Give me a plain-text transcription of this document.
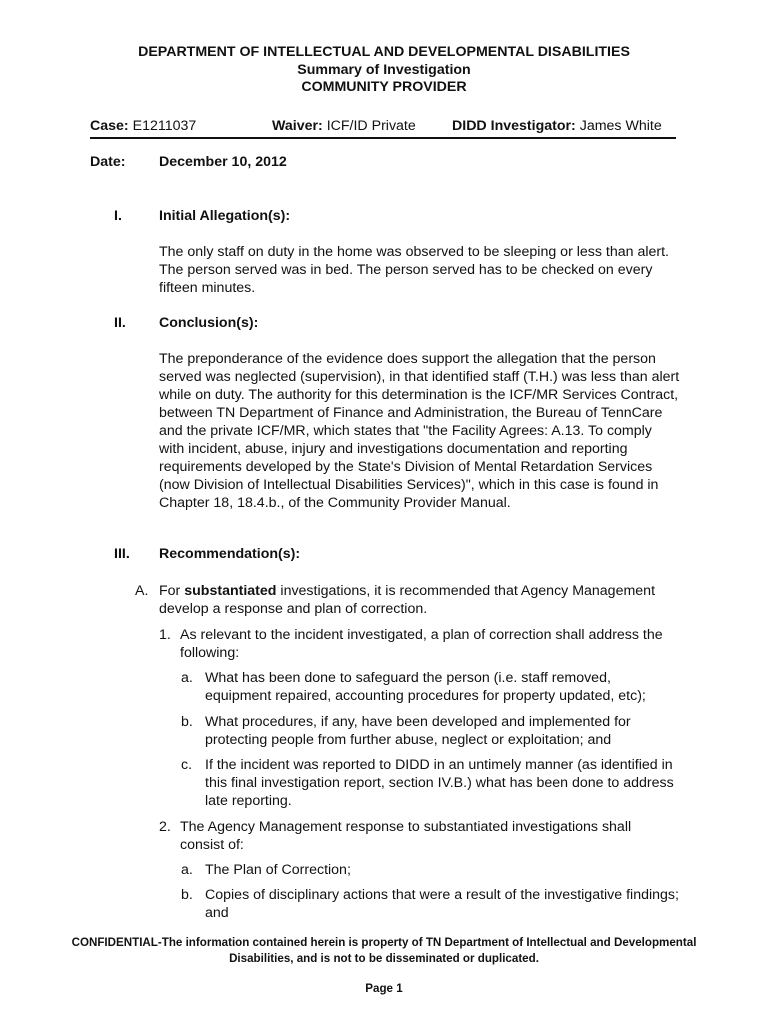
DEPARTMENT OF INTELLECTUAL AND DEVELOPMENTAL DISABILITIES
Summary of Investigation
COMMUNITY PROVIDER
Case: E1211037	Waiver: ICF/ID Private	DIDD Investigator: James White
Date: December 10, 2012
I.	Initial Allegation(s):

The only staff on duty in the home was observed to be sleeping or less than alert. The person served was in bed. The person served has to be checked on every fifteen minutes.

II. Conclusion(s):

The preponderance of the evidence does support the allegation that the person served was neglected (supervision), in that identified staff (T.H.) was less than alert while on duty. The authority for this determination is the ICF/MR Services Contract, between TN Department of Finance and Administration, the Bureau of TennCare and the private ICF/MR, which states that "the Facility Agrees: A.13. To comply with incident, abuse, injury and investigations documentation and reporting requirements developed by the State's Division of Mental Retardation Services (now Division of Intellectual Disabilities Services)", which in this case is found in Chapter 18, 18.4.b., of the Community Provider Manual.

III. Recommendation(s):
A. For substantiated investigations, it is recommended that Agency Management develop a response and plan of correction.
1. As relevant to the incident investigated, a plan of correction shall address the following:
a. What has been done to safeguard the person (i.e. staff removed, equipment repaired, accounting procedures for property updated, etc);
b. What procedures, if any, have been developed and implemented for protecting people from further abuse, neglect or exploitation; and
c. If the incident was reported to DIDD in an untimely manner (as identified in this final investigation report, section IV.B.) what has been done to address late reporting.
2. The Agency Management response to substantiated investigations shall consist of:
a. The Plan of Correction;
b. Copies of disciplinary actions that were a result of the investigative findings; and
CONFIDENTIAL-The information contained herein is property of TN Department of Intellectual and Developmental Disabilities, and is not to be disseminated or duplicated.
Page 1
